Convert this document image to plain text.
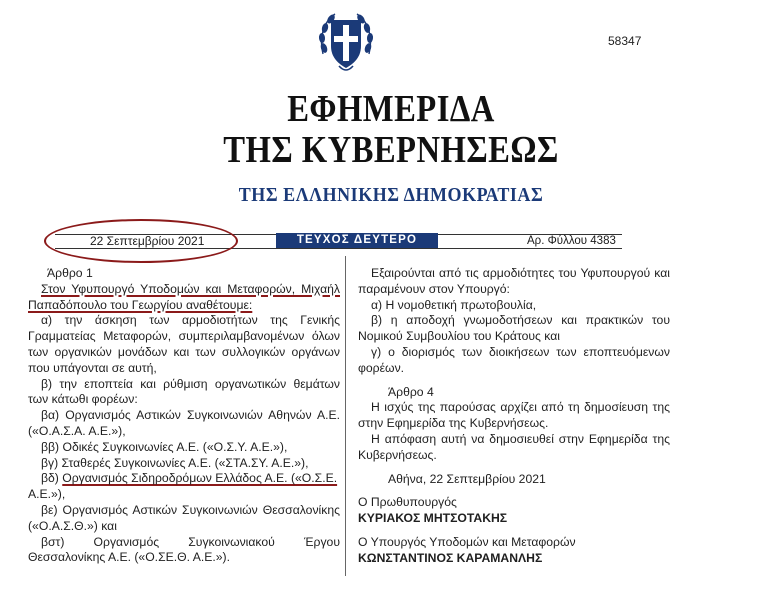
58347
ΕΦΗΜΕΡΙΔΑ
ΤΗΣ ΚΥΒΕΡΝΗΣΕΩΣ
ΤΗΣ ΕΛΛΗΝΙΚΗΣ ΔΗΜΟΚΡΑΤΙΑΣ
22 Σεπτεμβρίου 2021	ΤΕΥΧΟΣ ΔΕΥΤΕΡΟ	Αρ. Φύλλου 4383

Άρθρο 1

Στον Υφυπουργό Υποδομών και Μεταφορών, Μιχαήλ Παπαδόπουλο του Γεωργίου αναθέτουμε:

α) την άσκηση των αρμοδιοτήτων της Γενικής Γραμματείας Μεταφορών, συμπεριλαμβανομένων όλων των οργανικών μονάδων και των συλλογικών οργάνων που υπάγονται σε αυτή,

β) την εποπτεία και ρύθμιση οργανωτικών θεμάτων των κάτωθι φορέων:

βα) Οργανισμός Αστικών Συγκοινωνιών Αθηνών Α.Ε. («Ο.Α.Σ.Α. Α.Ε.»),

ββ) Οδικές Συγκοινωνίες Α.Ε. («Ο.Σ.Υ. Α.Ε.»),

βγ) Σταθερές Συγκοινωνίες Α.Ε. («ΣΤΑ.ΣΥ. Α.Ε.»),

βδ) Οργανισμός Σιδηροδρόμων Ελλάδος Α.Ε. («Ο.Σ.Ε.
Α.Ε.»),

βε) Οργανισμός Αστικών Συγκοινωνιών Θεσσαλονίκης («Ο.Α.Σ.Θ.») και

βστ) Οργανισμός Συγκοινωνιακού Έργου Θεσσαλονίκης Α.Ε. («Ο.ΣΕ.Θ. Α.Ε.»).

Εξαιρούνται από τις αρμοδιότητες του Υφυπουργού και παραμένουν στον Υπουργό:

α) Η νομοθετική πρωτοβουλία,

β) η αποδοχή γνωμοδοτήσεων και πρακτικών του Νομικού Συμβουλίου του Κράτους και

γ) ο διορισμός των διοικήσεων των εποπτευόμενων φορέων.

Άρθρο 4

Η ισχύς της παρούσας αρχίζει από τη δημοσίευση της στην Εφημερίδα της Κυβερνήσεως.

Η απόφαση αυτή να δημοσιευθεί στην Εφημερίδα της Κυβερνήσεως.

Αθήνα, 22 Σεπτεμβρίου 2021

Ο Πρωθυπουργός

ΚΥΡΙΑΚΟΣ ΜΗΤΣΟΤΑΚΗΣ

Ο Υπουργός Υποδομών και Μεταφορών

ΚΩΝΣΤΑΝΤΙΝΟΣ ΚΑΡΑΜΑΝΛΗΣ
